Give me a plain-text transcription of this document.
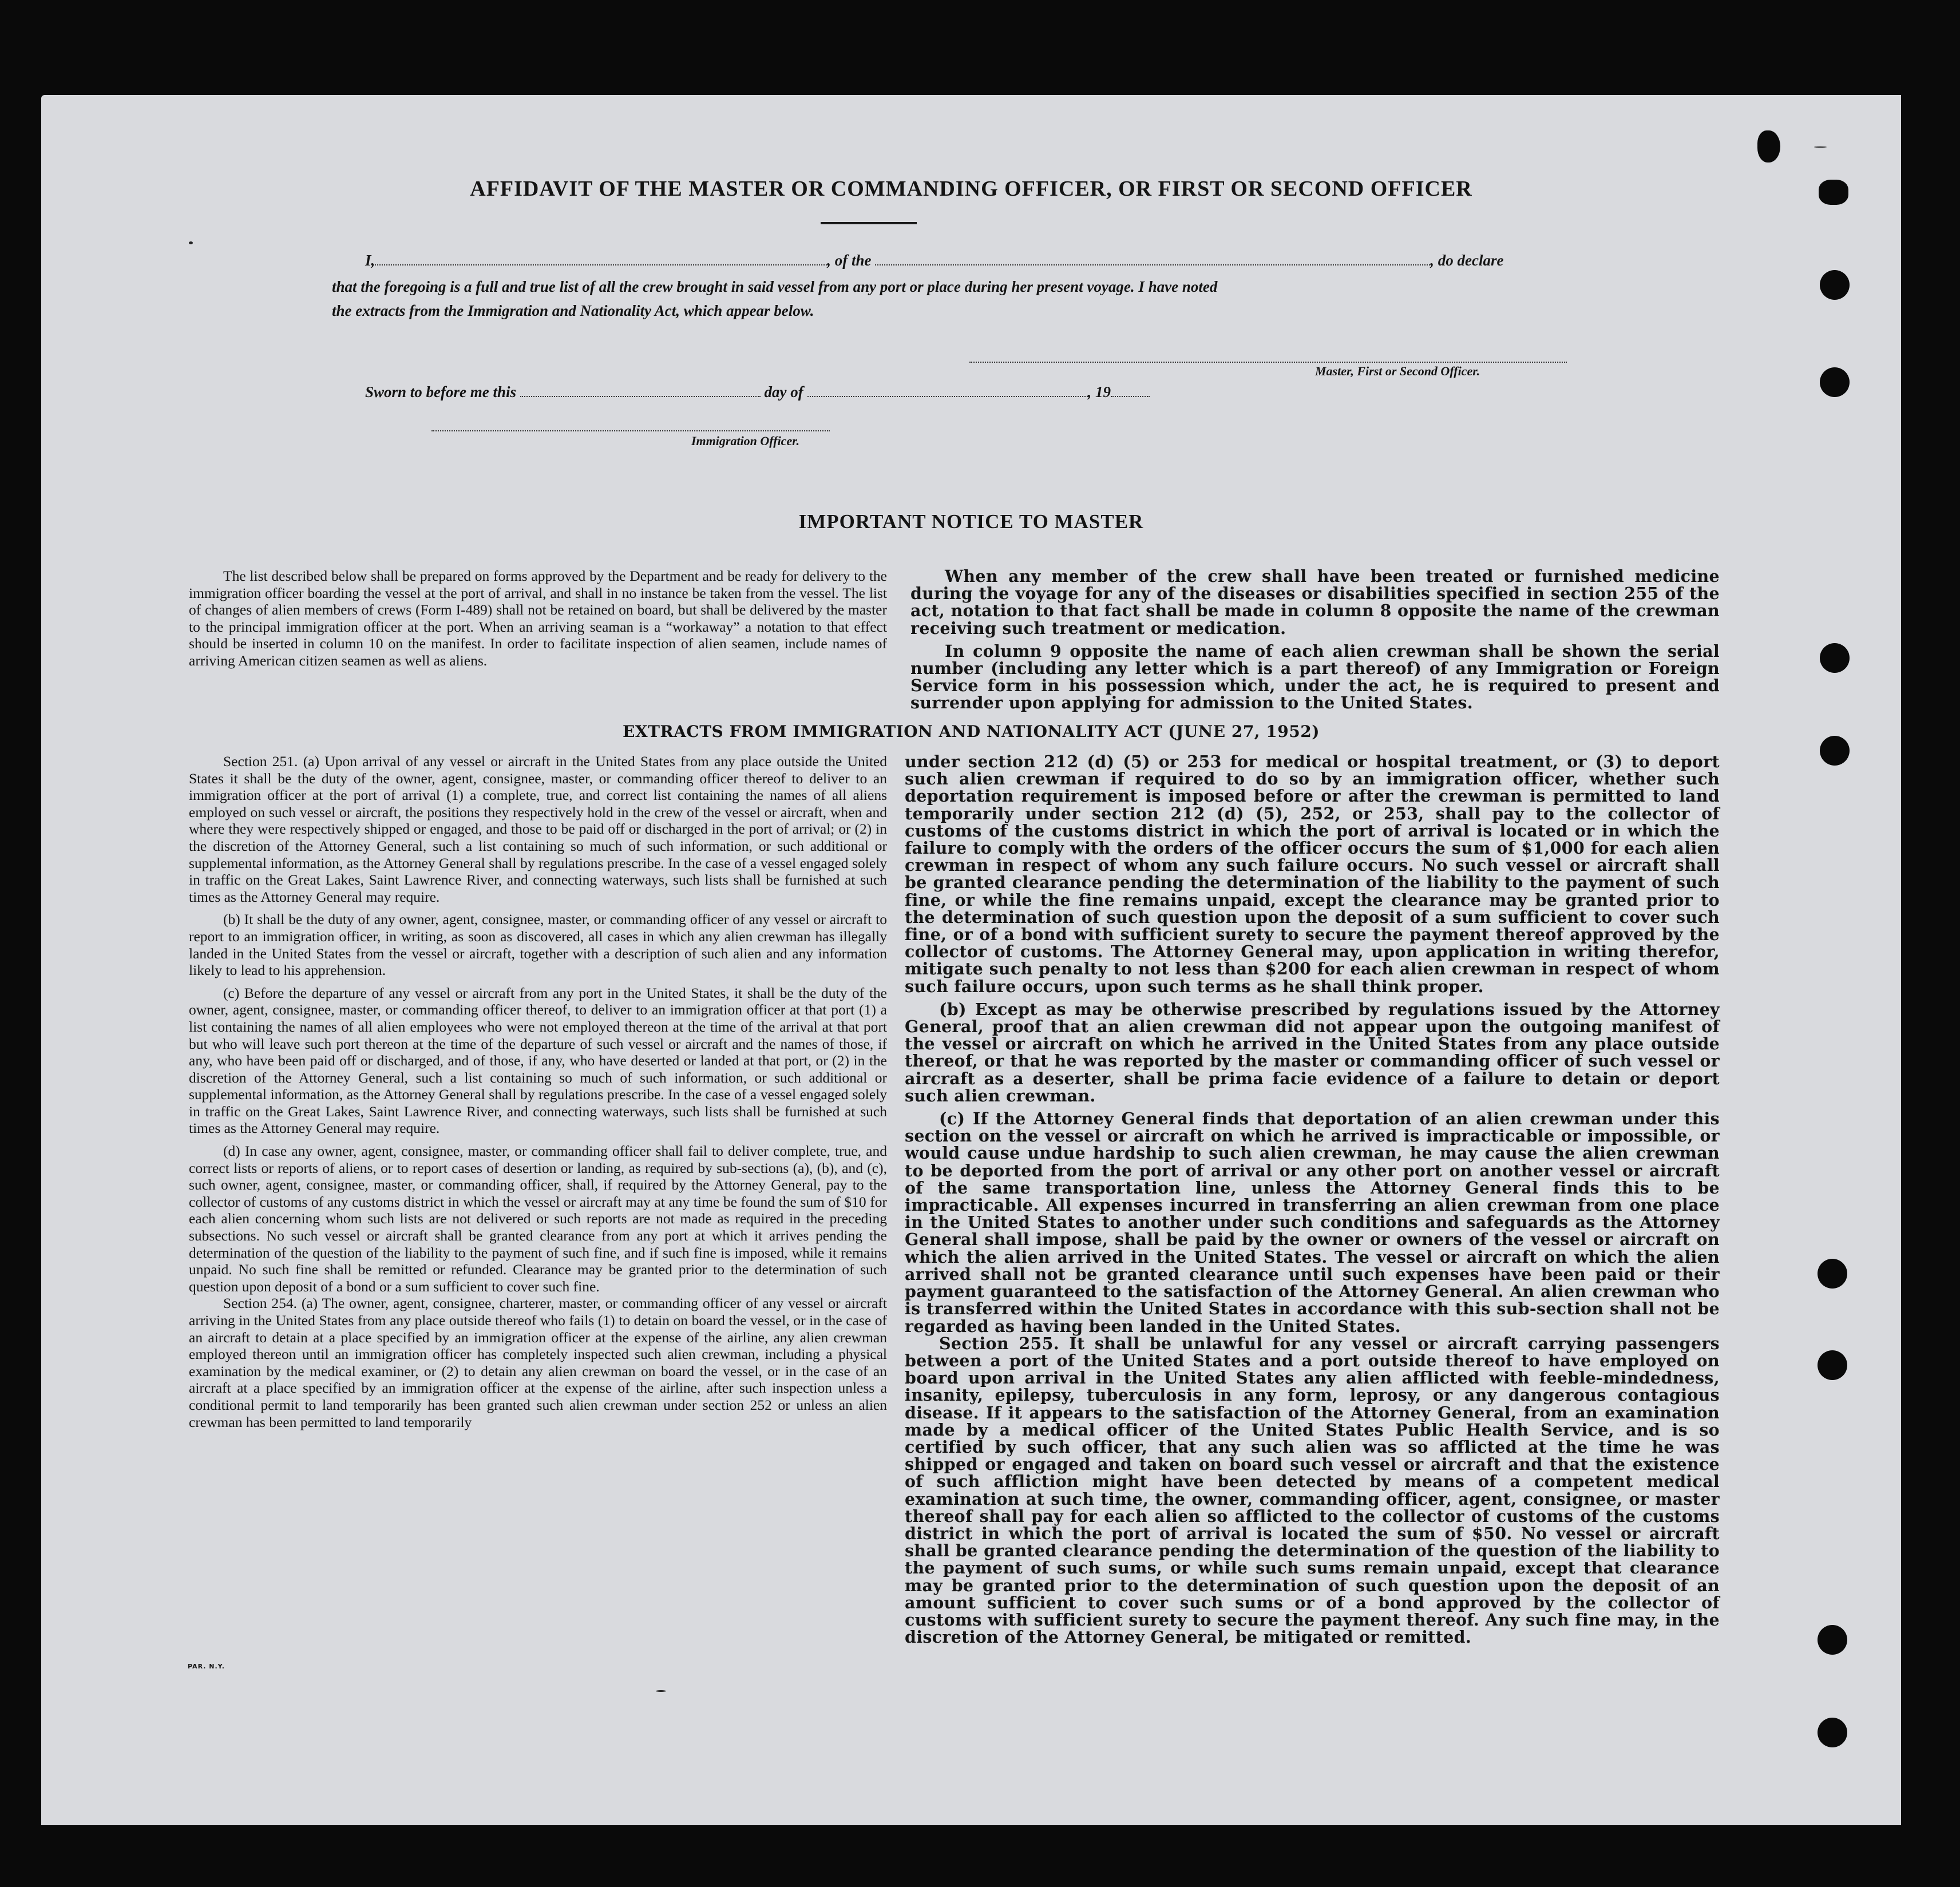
AFFIDAVIT OF THE MASTER OR COMMANDING OFFICER, OR FIRST OR SECOND OFFICER
I,	, of the	, do declare
that the foregoing is a full and true list of all the crew brought in said vessel from any port or place during her present voyage. I have noted
the extracts from the Immigration and Nationality Act, which appear below.
Master, First or Second Officer.
Sworn to before me this	day of	, 19
Immigration Officer.
IMPORTANT NOTICE TO MASTER
The list described below shall be prepared on forms approved by the Department and be ready for delivery to the immigration officer boarding the vessel at the port of arrival, and shall in no instance be taken from the vessel. The list of changes of alien members of crews (Form I-489) shall not be retained on board, but shall be delivered by the master to the principal immigration officer at the port. When an arriving seaman is a “workaway” a notation to that effect should be inserted in column 10 on the manifest. In order to facilitate inspection of alien seamen, include names of arriving American citizen seamen as well as aliens.

When any member of the crew shall have been treated or furnished medicine during the voyage for any of the diseases or disabilities specified in section 255 of the act, notation to that fact shall be made in column 8 opposite the name of the crewman receiving such treatment or medication.

In column 9 opposite the name of each alien crewman shall be shown the serial number (including any letter which is a part thereof) of any Immigration or Foreign Service form in his possession which, under the act, he is required to present and surrender upon applying for admission to the United States.

EXTRACTS FROM IMMIGRATION AND NATIONALITY ACT (JUNE 27, 1952)

Section 251. (a) Upon arrival of any vessel or aircraft in the United States from any place outside the United States it shall be the duty of the owner, agent, consignee, master, or commanding officer thereof to deliver to an immigration officer at the port of arrival (1) a complete, true, and correct list containing the names of all aliens employed on such vessel or aircraft, the positions they respectively hold in the crew of the vessel or aircraft, when and where they were respectively shipped or engaged, and those to be paid off or discharged in the port of arrival; or (2) in the discretion of the Attorney General, such a list containing so much of such information, or such additional or supplemental information, as the Attorney General shall by regulations prescribe. In the case of a vessel engaged solely in traffic on the Great Lakes, Saint Lawrence River, and connecting waterways, such lists shall be furnished at such times as the Attorney General may require.

(b) It shall be the duty of any owner, agent, consignee, master, or commanding officer of any vessel or aircraft to report to an immigration officer, in writing, as soon as discovered, all cases in which any alien crewman has illegally landed in the United States from the vessel or aircraft, together with a description of such alien and any information likely to lead to his apprehension.

(c) Before the departure of any vessel or aircraft from any port in the United States, it shall be the duty of the owner, agent, consignee, master, or commanding officer thereof, to deliver to an immigration officer at that port (1) a list containing the names of all alien employees who were not employed thereon at the time of the arrival at that port but who will leave such port thereon at the time of the departure of such vessel or aircraft and the names of those, if any, who have been paid off or discharged, and of those, if any, who have deserted or landed at that port, or (2) in the discretion of the Attorney General, such a list containing so much of such information, or such additional or supplemental information, as the Attorney General shall by regulations prescribe. In the case of a vessel engaged solely in traffic on the Great Lakes, Saint Lawrence River, and connecting waterways, such lists shall be furnished at such times as the Attorney General may require.

(d) In case any owner, agent, consignee, master, or commanding officer shall fail to deliver complete, true, and correct lists or reports of aliens, or to report cases of desertion or landing, as required by sub-sections (a), (b), and (c), such owner, agent, consignee, master, or commanding officer, shall, if required by the Attorney General, pay to the collector of customs of any customs district in which the vessel or aircraft may at any time be found the sum of $10 for each alien concerning whom such lists are not delivered or such reports are not made as required in the preceding subsections. No such vessel or aircraft shall be granted clearance from any port at which it arrives pending the determination of the question of the liability to the payment of such fine, and if such fine is imposed, while it remains unpaid. No such fine shall be remitted or refunded. Clearance may be granted prior to the determination of such question upon deposit of a bond or a sum sufficient to cover such fine.

Section 254. (a) The owner, agent, consignee, charterer, master, or commanding officer of any vessel or aircraft arriving in the United States from any place outside thereof who fails (1) to detain on board the vessel, or in the case of an aircraft to detain at a place specified by an immigration officer at the expense of the airline, any alien crewman employed thereon until an immigration officer has completely inspected such alien crewman, including a physical examination by the medical examiner, or (2) to detain any alien crewman on board the vessel, or in the case of an aircraft at a place specified by an immigration officer at the expense of the airline, after such inspection unless a conditional permit to land temporarily has been granted such alien crewman under section 252 or unless an alien crewman has been permitted to land temporarily

under section 212 (d) (5) or 253 for medical or hospital treatment, or (3) to deport such alien crewman if required to do so by an immigration officer, whether such deportation requirement is imposed before or after the crewman is permitted to land temporarily under section 212 (d) (5), 252, or 253, shall pay to the collector of customs of the customs district in which the port of arrival is located or in which the failure to comply with the orders of the officer occurs the sum of $1,000 for each alien crewman in respect of whom any such failure occurs. No such vessel or aircraft shall be granted clearance pending the determination of the liability to the payment of such fine, or while the fine remains unpaid, except the clearance may be granted prior to the determination of such question upon the deposit of a sum sufficient to cover such fine, or of a bond with sufficient surety to secure the payment thereof approved by the collector of customs. The Attorney General may, upon application in writing therefor, mitigate such penalty to not less than $200 for each alien crewman in respect of whom such failure occurs, upon such terms as he shall think proper.

(b) Except as may be otherwise prescribed by regulations issued by the Attorney General, proof that an alien crewman did not appear upon the outgoing manifest of the vessel or aircraft on which he arrived in the United States from any place outside thereof, or that he was reported by the master or commanding officer of such vessel or aircraft as a deserter, shall be prima facie evidence of a failure to detain or deport such alien crewman.

(c) If the Attorney General finds that deportation of an alien crewman under this section on the vessel or aircraft on which he arrived is impracticable or impossible, or would cause undue hardship to such alien crewman, he may cause the alien crewman to be deported from the port of arrival or any other port on another vessel or aircraft of the same transportation line, unless the Attorney General finds this to be impracticable. All expenses incurred in transferring an alien crewman from one place in the United States to another under such conditions and safeguards as the Attorney General shall impose, shall be paid by the owner or owners of the vessel or aircraft on which the alien arrived in the United States. The vessel or aircraft on which the alien arrived shall not be granted clearance until such expenses have been paid or their payment guaranteed to the satisfaction of the Attorney General. An alien crewman who is transferred within the United States in accordance with this sub-section shall not be regarded as having been landed in the United States.

Section 255. It shall be unlawful for any vessel or aircraft carrying passengers between a port of the United States and a port outside thereof to have employed on board upon arrival in the United States any alien afflicted with feeble-mindedness, insanity, epilepsy, tuberculosis in any form, leprosy, or any dangerous contagious disease. If it appears to the satisfaction of the Attorney General, from an examination made by a medical officer of the United States Public Health Service, and is so certified by such officer, that any such alien was so afflicted at the time he was shipped or engaged and taken on board such vessel or aircraft and that the existence of such affliction might have been detected by means of a competent medical examination at such time, the owner, commanding officer, agent, consignee, or master thereof shall pay for each alien so afflicted to the collector of customs of the customs district in which the port of arrival is located the sum of $50. No vessel or aircraft shall be granted clearance pending the determination of the question of the liability to the payment of such sums, or while such sums remain unpaid, except that clearance may be granted prior to the determination of such question upon the deposit of an amount sufficient to cover such sums or of a bond approved by the collector of customs with sufficient surety to secure the payment thereof. Any such fine may, in the discretion of the Attorney General, be mitigated or remitted.

PAR. N.Y.
